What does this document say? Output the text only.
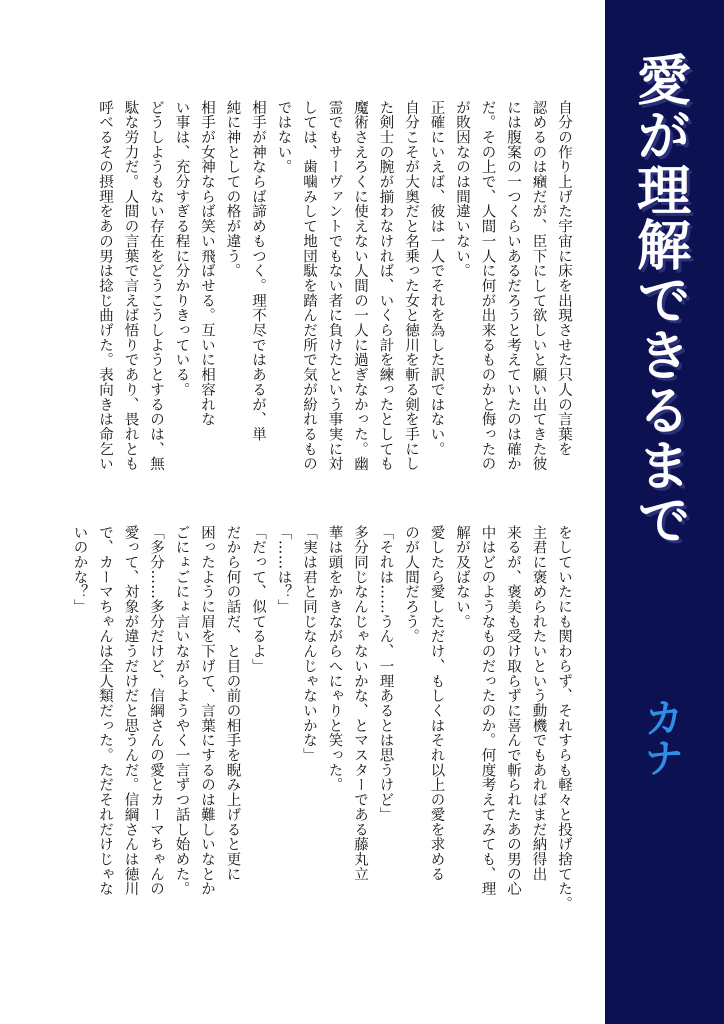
自分の作り上げた宇宙に床を出現させた只人の言葉を
認めるのは癪だが、臣下にして欲しいと願い出てきた彼
には腹案の一つくらいあるだろうと考えていたのは確か
だ。その上で、人間一人に何が出来るものかと侮ったの
が敗因なのは間違いない。
正確にいえば、彼は一人でそれを為した訳ではない。
自分こそが大奥だと名乗った女と徳川を斬る剣を手にし
た剣士の腕が揃わなければ、いくら計を練ったとしても
魔術さえろくに使えない人間の一人に過ぎなかった。幽
霊でもサーヴァントでもない者に負けたという事実に対
しては、歯噛みして地団駄を踏んだ所で気が紛れるもの
ではない。
相手が神ならば諦めもつく。理不尽ではあるが、単
純に神としての格が違う。
相手が女神ならば笑い飛ばせる。互いに相容れな
い事は、充分すぎる程に分かりきっている。
どうしようもない存在をどうこうしようとするのは、無
駄な労力だ。人間の言葉で言えば悟りであり、畏れとも
呼べるその摂理をあの男は捻じ曲げた。表向きは命乞い
をしていたにも関わらず、それすらも軽々と投げ捨てた。
主君に褒められたいという動機でもあればまだ納得出
来るが、褒美も受け取らずに喜んで斬られたあの男の心
中はどのようなものだったのか。何度考えてみても、理
解が及ばない。
愛したら愛しただけ、もしくはそれ以上の愛を求める
のが人間だろう。
「それは……うん、一理あるとは思うけど」
多分同じなんじゃないかな、とマスターである藤丸立
華は頭をかきながらへにゃりと笑った。
「実は君と同じなんじゃないかな」
「……は？」
「だって、似てるよ」
だから何の話だ、と目の前の相手を睨み上げると更に
困ったように眉を下げて、言葉にするのは難しいなとか
ごにょごにょ言いながらようやく一言ずつ話し始めた。
「多分……多分だけど、信綱さんの愛とカーマちゃんの
愛って、対象が違うだけだと思うんだ。信綱さんは徳川
で、カーマちゃんは全人類だった。ただそれだけじゃな
いのかな？」
愛が理解できるまで
カナ
